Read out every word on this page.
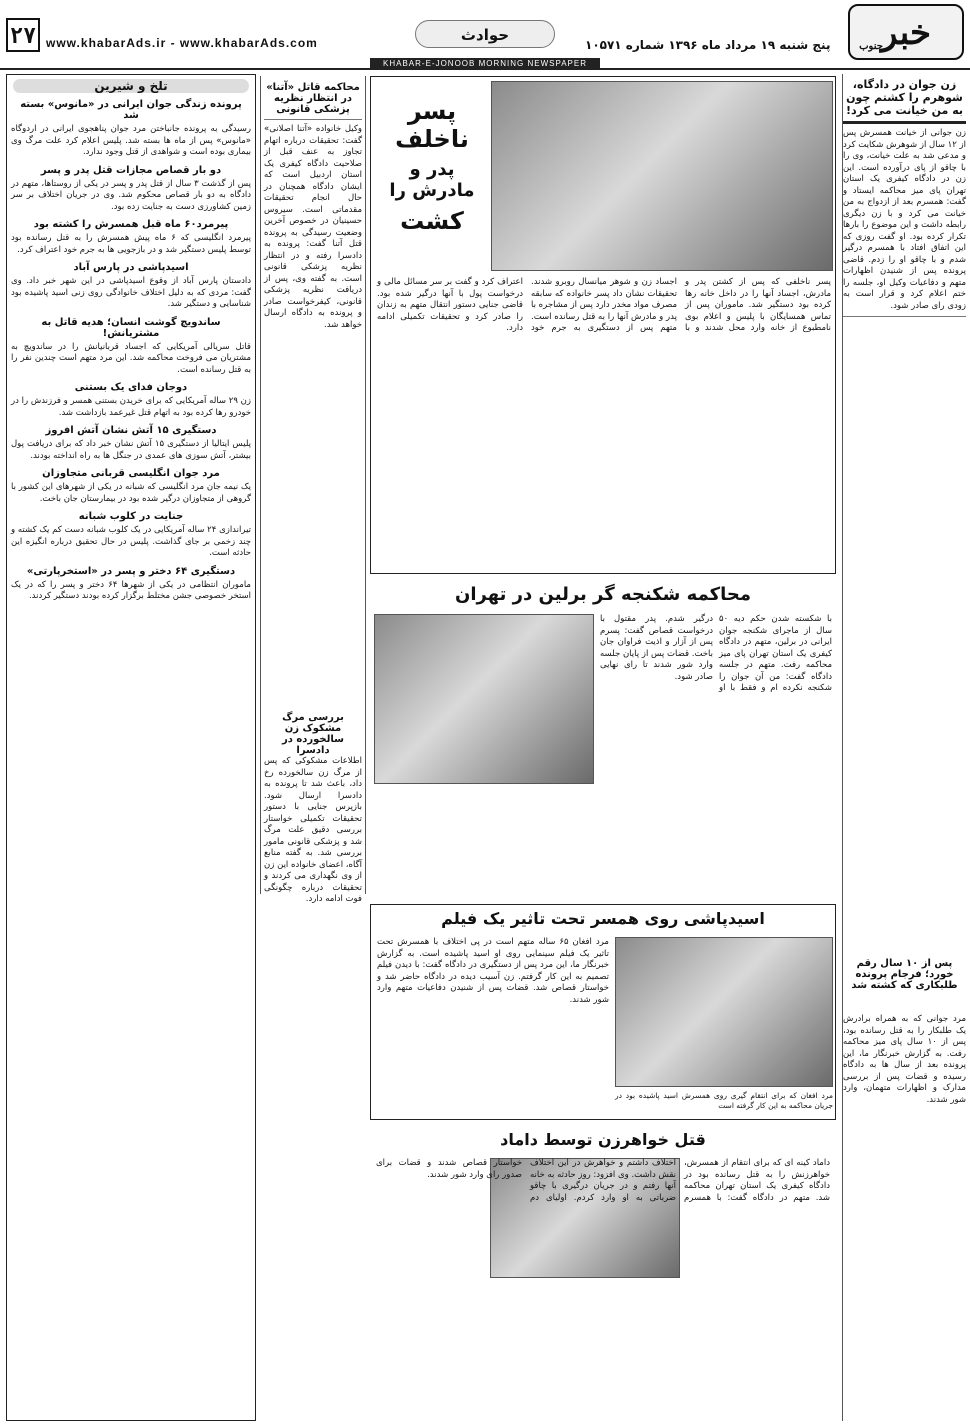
۲۷ www.khabarAds.ir - www.khabarAds.com	حوادث
پنج شنبه ۱۹ مرداد ماه ۱۳۹۶ شماره ۱۰۵۷۱	خبر
جنوب
KHABAR-E-JONOOB MORNING NEWSPAPER
زن جوان در دادگاه، شوهرم را کشتم چون به من خیانت می کرد!

زن جوانی از خیانت همسرش پس از ۱۲ سال از شوهرش شکایت کرد و مدعی شد به علت خیانت، وی را با چاقو از پای درآورده است. این زن در دادگاه کیفری یک استان تهران پای میز محاکمه ایستاد و گفت: همسرم بعد از ازدواج به من خیانت می کرد و با زن دیگری رابطه داشت و این موضوع را بارها تکرار کرده بود. او گفت روزی که این اتفاق افتاد با همسرم درگیر شدم و با چاقو او را زدم. قاضی پرونده پس از شنیدن اظهارات متهم و دفاعیات وکیل او، جلسه را ختم اعلام کرد و قرار است به زودی رای صادر شود.

پس از ۱۰ سال رقم خورد؛ فرجام پرونده طلبکاری که کشته شد

مرد جوانی که به همراه برادرش یک طلبکار را به قتل رسانده بود، پس از ۱۰ سال پای میز محاکمه رفت. به گزارش خبرنگار ما، این پرونده بعد از سال ها به دادگاه رسیده و قضات پس از بررسی مدارک و اظهارات متهمان، وارد شور شدند.

پسر ناخلف
پدر و مادرش را
کشت

پسر ناخلفی که پس از کشتن پدر و مادرش، اجساد آنها را در داخل خانه رها کرده بود دستگیر شد. ماموران پس از تماس همسایگان با پلیس و اعلام بوی نامطبوع از خانه وارد محل شدند و با اجساد زن و شوهر میانسال روبرو شدند. تحقیقات نشان داد پسر خانواده که سابقه مصرف مواد مخدر دارد پس از مشاجره با پدر و مادرش آنها را به قتل رسانده است. متهم پس از دستگیری به جرم خود اعتراف کرد و گفت بر سر مسائل مالی و درخواست پول با آنها درگیر شده بود. قاضی جنایی دستور انتقال متهم به زندان را صادر کرد و تحقیقات تکمیلی ادامه دارد.

محاکمه قاتل «آتنا» در انتظار نظریه پزشکی قانونی

وکیل خانواده «آتنا اصلانی» گفت: تحقیقات درباره اتهام تجاوز به عنف قبل از صلاحیت دادگاه کیفری یک استان اردبیل است که ایشان دادگاه همچنان در حال انجام تحقیقات مقدماتی است. سیروس حسینیان در خصوص آخرین وضعیت رسیدگی به پرونده قتل آتنا گفت: پرونده به دادسرا رفته و در انتظار نظریه پزشکی قانونی است. به گفته وی، پس از دریافت نظریه پزشکی قانونی، کیفرخواست صادر و پرونده به دادگاه ارسال خواهد شد.

بررسی مرگ مشکوک زن سالخورده در دادسرا

اطلاعات مشکوکی که پس از مرگ زن سالخورده رخ داد، باعث شد تا پرونده به دادسرا ارسال شود. بازپرس جنایی با دستور تحقیقات تکمیلی خواستار بررسی دقیق علت مرگ شد و پزشکی قانونی مامور بررسی شد. به گفته منابع آگاه، اعضای خانواده این زن از وی نگهداری می کردند و تحقیقات درباره چگونگی فوت ادامه دارد.

محاکمه شکنجه گر برلین در تهران

با شکسته شدن حکم دیه ۵۰ سال از ماجرای شکنجه جوان ایرانی در برلین، متهم در دادگاه کیفری یک استان تهران پای میز محاکمه رفت. متهم در جلسه دادگاه گفت: من آن جوان را شکنجه نکرده ام و فقط با او درگیر شدم. پدر مقتول با درخواست قصاص گفت: پسرم پس از آزار و اذیت فراوان جان باخت. قضات پس از پایان جلسه وارد شور شدند تا رای نهایی صادر شود.

اسیدپاشی روی همسر تحت تاثیر یک فیلم
مرد افغان که برای انتقام گیری روی همسرش اسید پاشیده بود در جریان محاکمه به این کار گرفته است

مرد افغان ۶۵ ساله متهم است در پی اختلاف با همسرش تحت تاثیر یک فیلم سینمایی روی او اسید پاشیده است. به گزارش خبرنگار ما، این مرد پس از دستگیری در دادگاه گفت: با دیدن فیلم تصمیم به این کار گرفتم. زن آسیب دیده در دادگاه حاضر شد و خواستار قصاص شد. قضات پس از شنیدن دفاعیات متهم وارد شور شدند.

قتل خواهرزن توسط داماد

داماد کینه ای که برای انتقام از همسرش، خواهرزنش را به قتل رسانده بود در دادگاه کیفری یک استان تهران محاکمه شد. متهم در دادگاه گفت: با همسرم اختلاف داشتم و خواهرش در این اختلاف نقش داشت. وی افزود: روز حادثه به خانه آنها رفتم و در جریان درگیری با چاقو ضرباتی به او وارد کردم. اولیای دم خواستار قصاص شدند و قضات برای صدور رای وارد شور شدند.

تلخ و شیرین
پرونده زندگی جوان ایرانی در «مانوس» بسته شد

رسیدگی به پرونده جانباختن مرد جوان پناهجوی ایرانی در اردوگاه «مانوس» پس از ماه ها بسته شد. پلیس اعلام کرد علت مرگ وی بیماری بوده است و شواهدی از قتل وجود ندارد.

دو بار قصاص مجازات قتل پدر و پسر

پس از گذشت ۳ سال از قتل پدر و پسر در یکی از روستاها، متهم در دادگاه به دو بار قصاص محکوم شد. وی در جریان اختلاف بر سر زمین کشاورزی دست به جنایت زده بود.

پیرمرد۶۰ ماه قبل همسرش را کشته بود

پیرمرد انگلیسی که ۶ ماه پیش همسرش را به قتل رسانده بود توسط پلیس دستگیر شد و در بازجویی ها به جرم خود اعتراف کرد.

اسیدپاشی در پارس آباد

دادستان پارس آباد از وقوع اسیدپاشی در این شهر خبر داد. وی گفت: مردی که به دلیل اختلاف خانوادگی روی زنی اسید پاشیده بود شناسایی و دستگیر شد.

ساندویچ گوشت انسان؛ هدیه قاتل به مشتریانش!

قاتل سریالی آمریکایی که اجساد قربانیانش را در ساندویچ به مشتریان می فروخت محاکمه شد. این مرد متهم است چندین نفر را به قتل رسانده است.

دوجان فدای یک بستنی

زن ۲۹ ساله آمریکایی که برای خریدن بستنی همسر و فرزندش را در خودرو رها کرده بود به اتهام قتل غیرعمد بازداشت شد.

دستگیری ۱۵ آتش نشان آتش افروز

پلیس ایتالیا از دستگیری ۱۵ آتش نشان خبر داد که برای دریافت پول بیشتر، آتش سوزی های عمدی در جنگل ها به راه انداخته بودند.

مرد جوان انگلیسی قربانی متجاوزان

یک نیمه جان مرد انگلیسی که شبانه در یکی از شهرهای این کشور با گروهی از متجاوزان درگیر شده بود در بیمارستان جان باخت.

جنایت در کلوب شبانه

تیراندازی ۲۴ ساله آمریکایی در یک کلوب شبانه دست کم یک کشته و چند زخمی بر جای گذاشت. پلیس در حال تحقیق درباره انگیزه این حادثه است.

دستگیری ۶۴ دختر و پسر در «استخرپارتی»

ماموران انتظامی در یکی از شهرها ۶۴ دختر و پسر را که در یک استخر خصوصی جشن مختلط برگزار کرده بودند دستگیر کردند.
